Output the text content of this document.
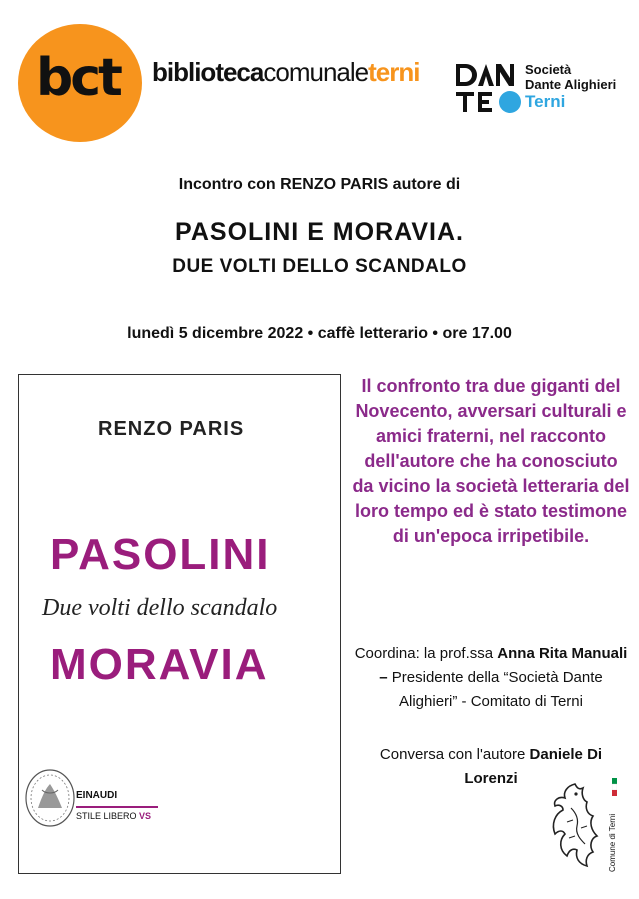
bct bibliotecacomunaleterni	Società
Dante Alighieri
Terni
Incontro con RENZO PARIS autore di
PASOLINI E MORAVIA.
DUE VOLTI DELLO SCANDALO
lunedì 5 dicembre 2022 • caffè letterario • ore 17.00
RENZO PARIS
PASOLINI
Due volti dello scandalo
MORAVIA
EINAUDI
STILE LIBERO VS
Il confronto tra due giganti del Novecento, avversari culturali e amici fraterni, nel racconto dell'autore che ha conosciuto da vicino la società letteraria del loro tempo ed è stato testimone di un'epoca irripetibile.
Coordina: la prof.ssa Anna Rita Manuali – Presidente della “Società Dante Alighieri” - Comitato di Terni
Conversa con l'autore Daniele Di Lorenzi
Comune di Terni
